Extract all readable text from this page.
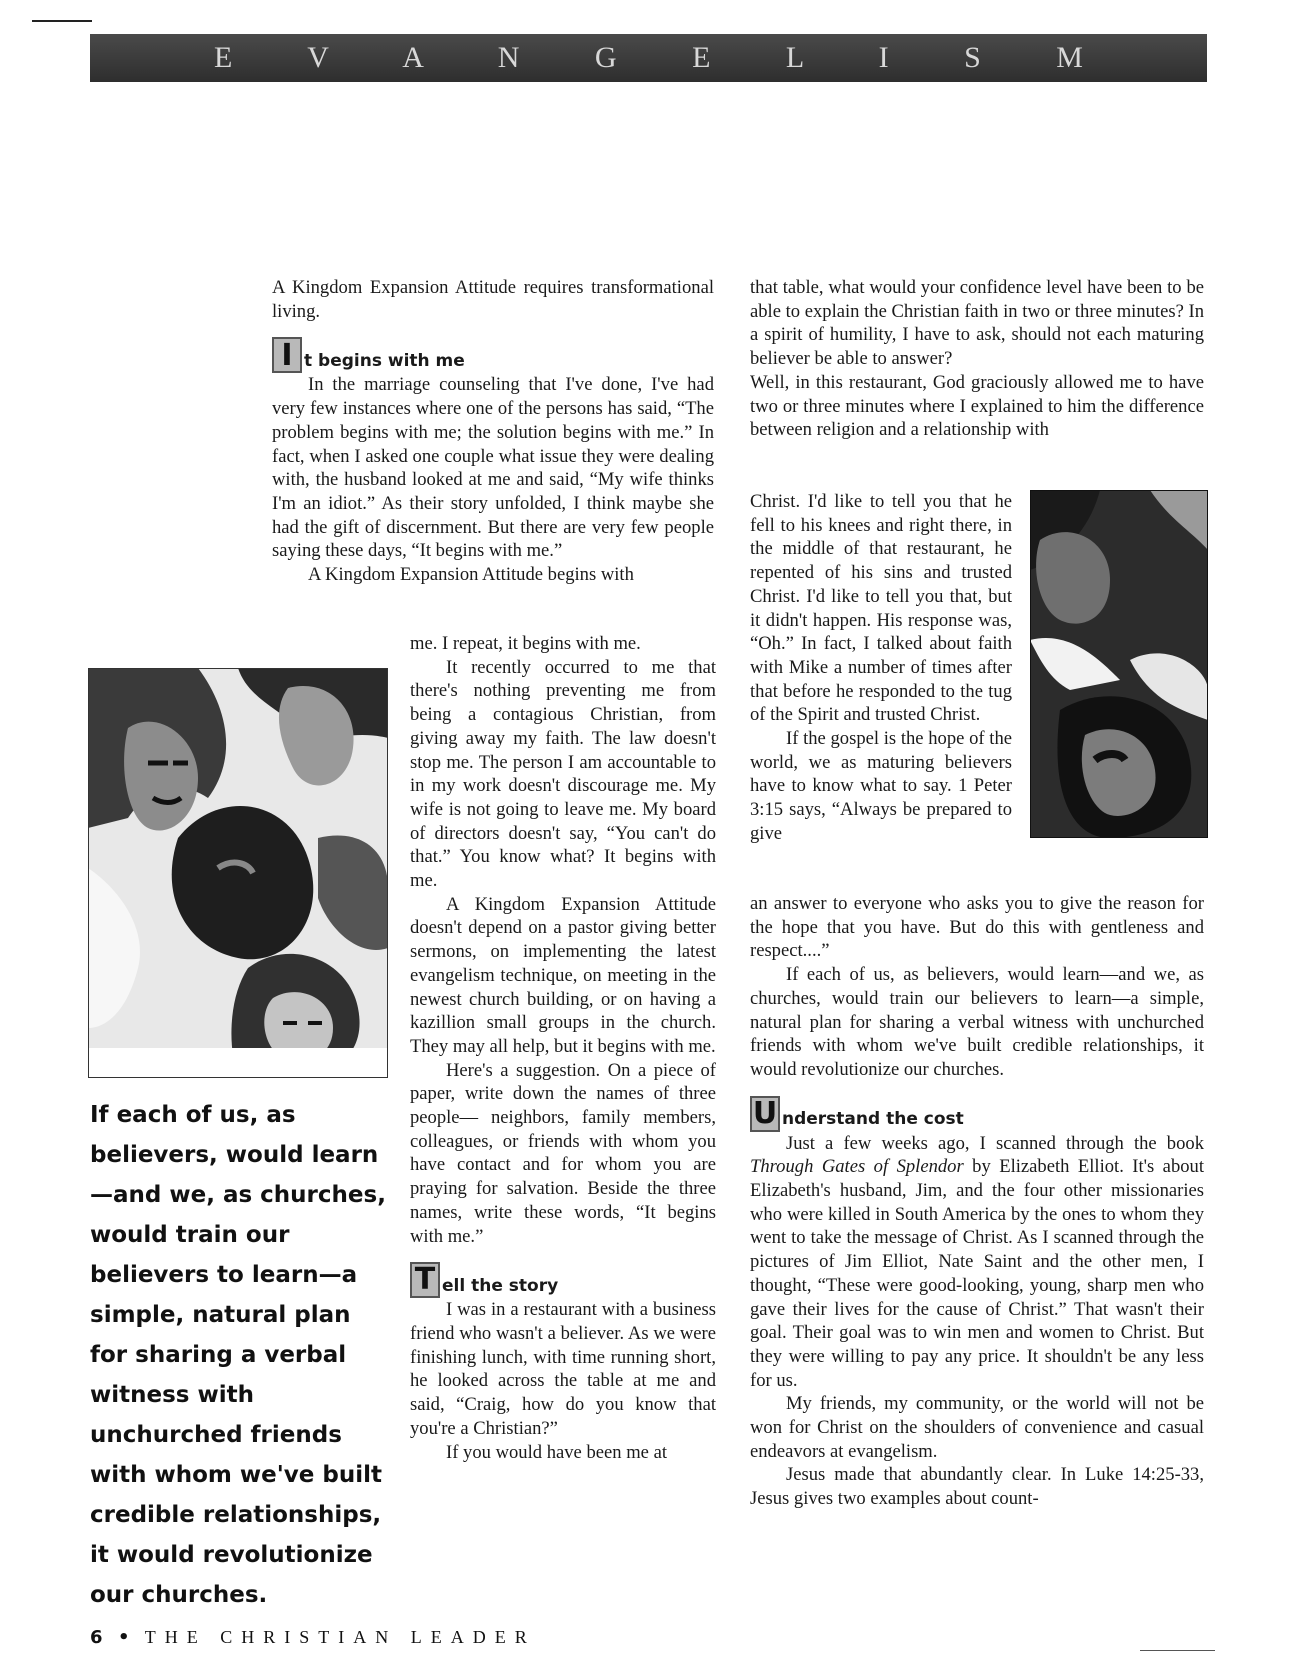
E V A N G E L I S M

A Kingdom Expansion Attitude requires transformational living.

I t begins with me

In the marriage counseling that I've done, I've had very few instances where one of the persons has said, “The problem begins with me; the solution begins with me.” In fact, when I asked one couple what issue they were dealing with, the husband looked at me and said, “My wife thinks I'm an idiot.” As their story unfolded, I think maybe she had the gift of discernment. But there are very few people saying these days, “It begins with me.”

A Kingdom Expansion Attitude begins with

me. I repeat, it begins with me.

It recently occurred to me that there's nothing preventing me from being a contagious Christian, from giving away my faith. The law doesn't stop me. The person I am accountable to in my work doesn't discourage me. My wife is not going to leave me. My board of directors doesn't say, “You can't do that.” You know what? It begins with me.

A Kingdom Expansion Attitude doesn't depend on a pastor giving better sermons, on implementing the latest evangelism technique, on meeting in the newest church building, or on having a kazillion small groups in the church. They may all help, but it begins with me.

Here's a suggestion. On a piece of paper, write down the names of three people— neighbors, family members, colleagues, or friends with whom you have contact and for whom you are praying for salvation. Beside the three names, write these words, “It begins with me.”

T ell the story

I was in a restaurant with a business friend who wasn't a believer. As we were finishing lunch, with time running short, he looked across the table at me and said, “Craig, how do you know that you're a Christian?”

If you would have been me at

that table, what would your confidence level have been to be able to explain the Christian faith in two or three minutes? In a spirit of humility, I have to ask, should not each maturing believer be able to answer?

Well, in this restaurant, God graciously allowed me to have two or three minutes where I explained to him the difference between religion and a relationship with

Christ. I'd like to tell you that he fell to his knees and right there, in the middle of that restaurant, he repented of his sins and trusted Christ. I'd like to tell you that, but it didn't happen. His response was, “Oh.” In fact, I talked about faith with Mike a number of times after that before he responded to the tug of the Spirit and trusted Christ.

If the gospel is the hope of the world, we as maturing believers have to know what to say. 1 Peter 3:15 says, “Always be prepared to give

an answer to everyone who asks you to give the reason for the hope that you have. But do this with gentleness and respect....”

If each of us, as believers, would learn—and we, as churches, would train our believers to learn—a simple, natural plan for sharing a verbal witness with unchurched friends with whom we've built credible relationships, it would revolutionize our churches.

U nderstand the cost

Just a few weeks ago, I scanned through the book Through Gates of Splendor by Elizabeth Elliot. It's about Elizabeth's husband, Jim, and the four other missionaries who were killed in South America by the ones to whom they went to take the message of Christ. As I scanned through the pictures of Jim Elliot, Nate Saint and the other men, I thought, “These were good-looking, young, sharp men who gave their lives for the cause of Christ.” That wasn't their goal. Their goal was to win men and women to Christ. But they were willing to pay any price. It shouldn't be any less for us.

My friends, my community, or the world will not be won for Christ on the shoulders of convenience and casual endeavors at evangelism.

Jesus made that abundantly clear. In Luke 14:25-33, Jesus gives two examples about count-

If each of us, as believers, would learn—and we, as churches, would train our believers to learn—a simple, natural plan for sharing a verbal witness with unchurched friends with whom we've built credible relationships, it would revolutionize our churches.
6 • THE CHRISTIAN LEADER
